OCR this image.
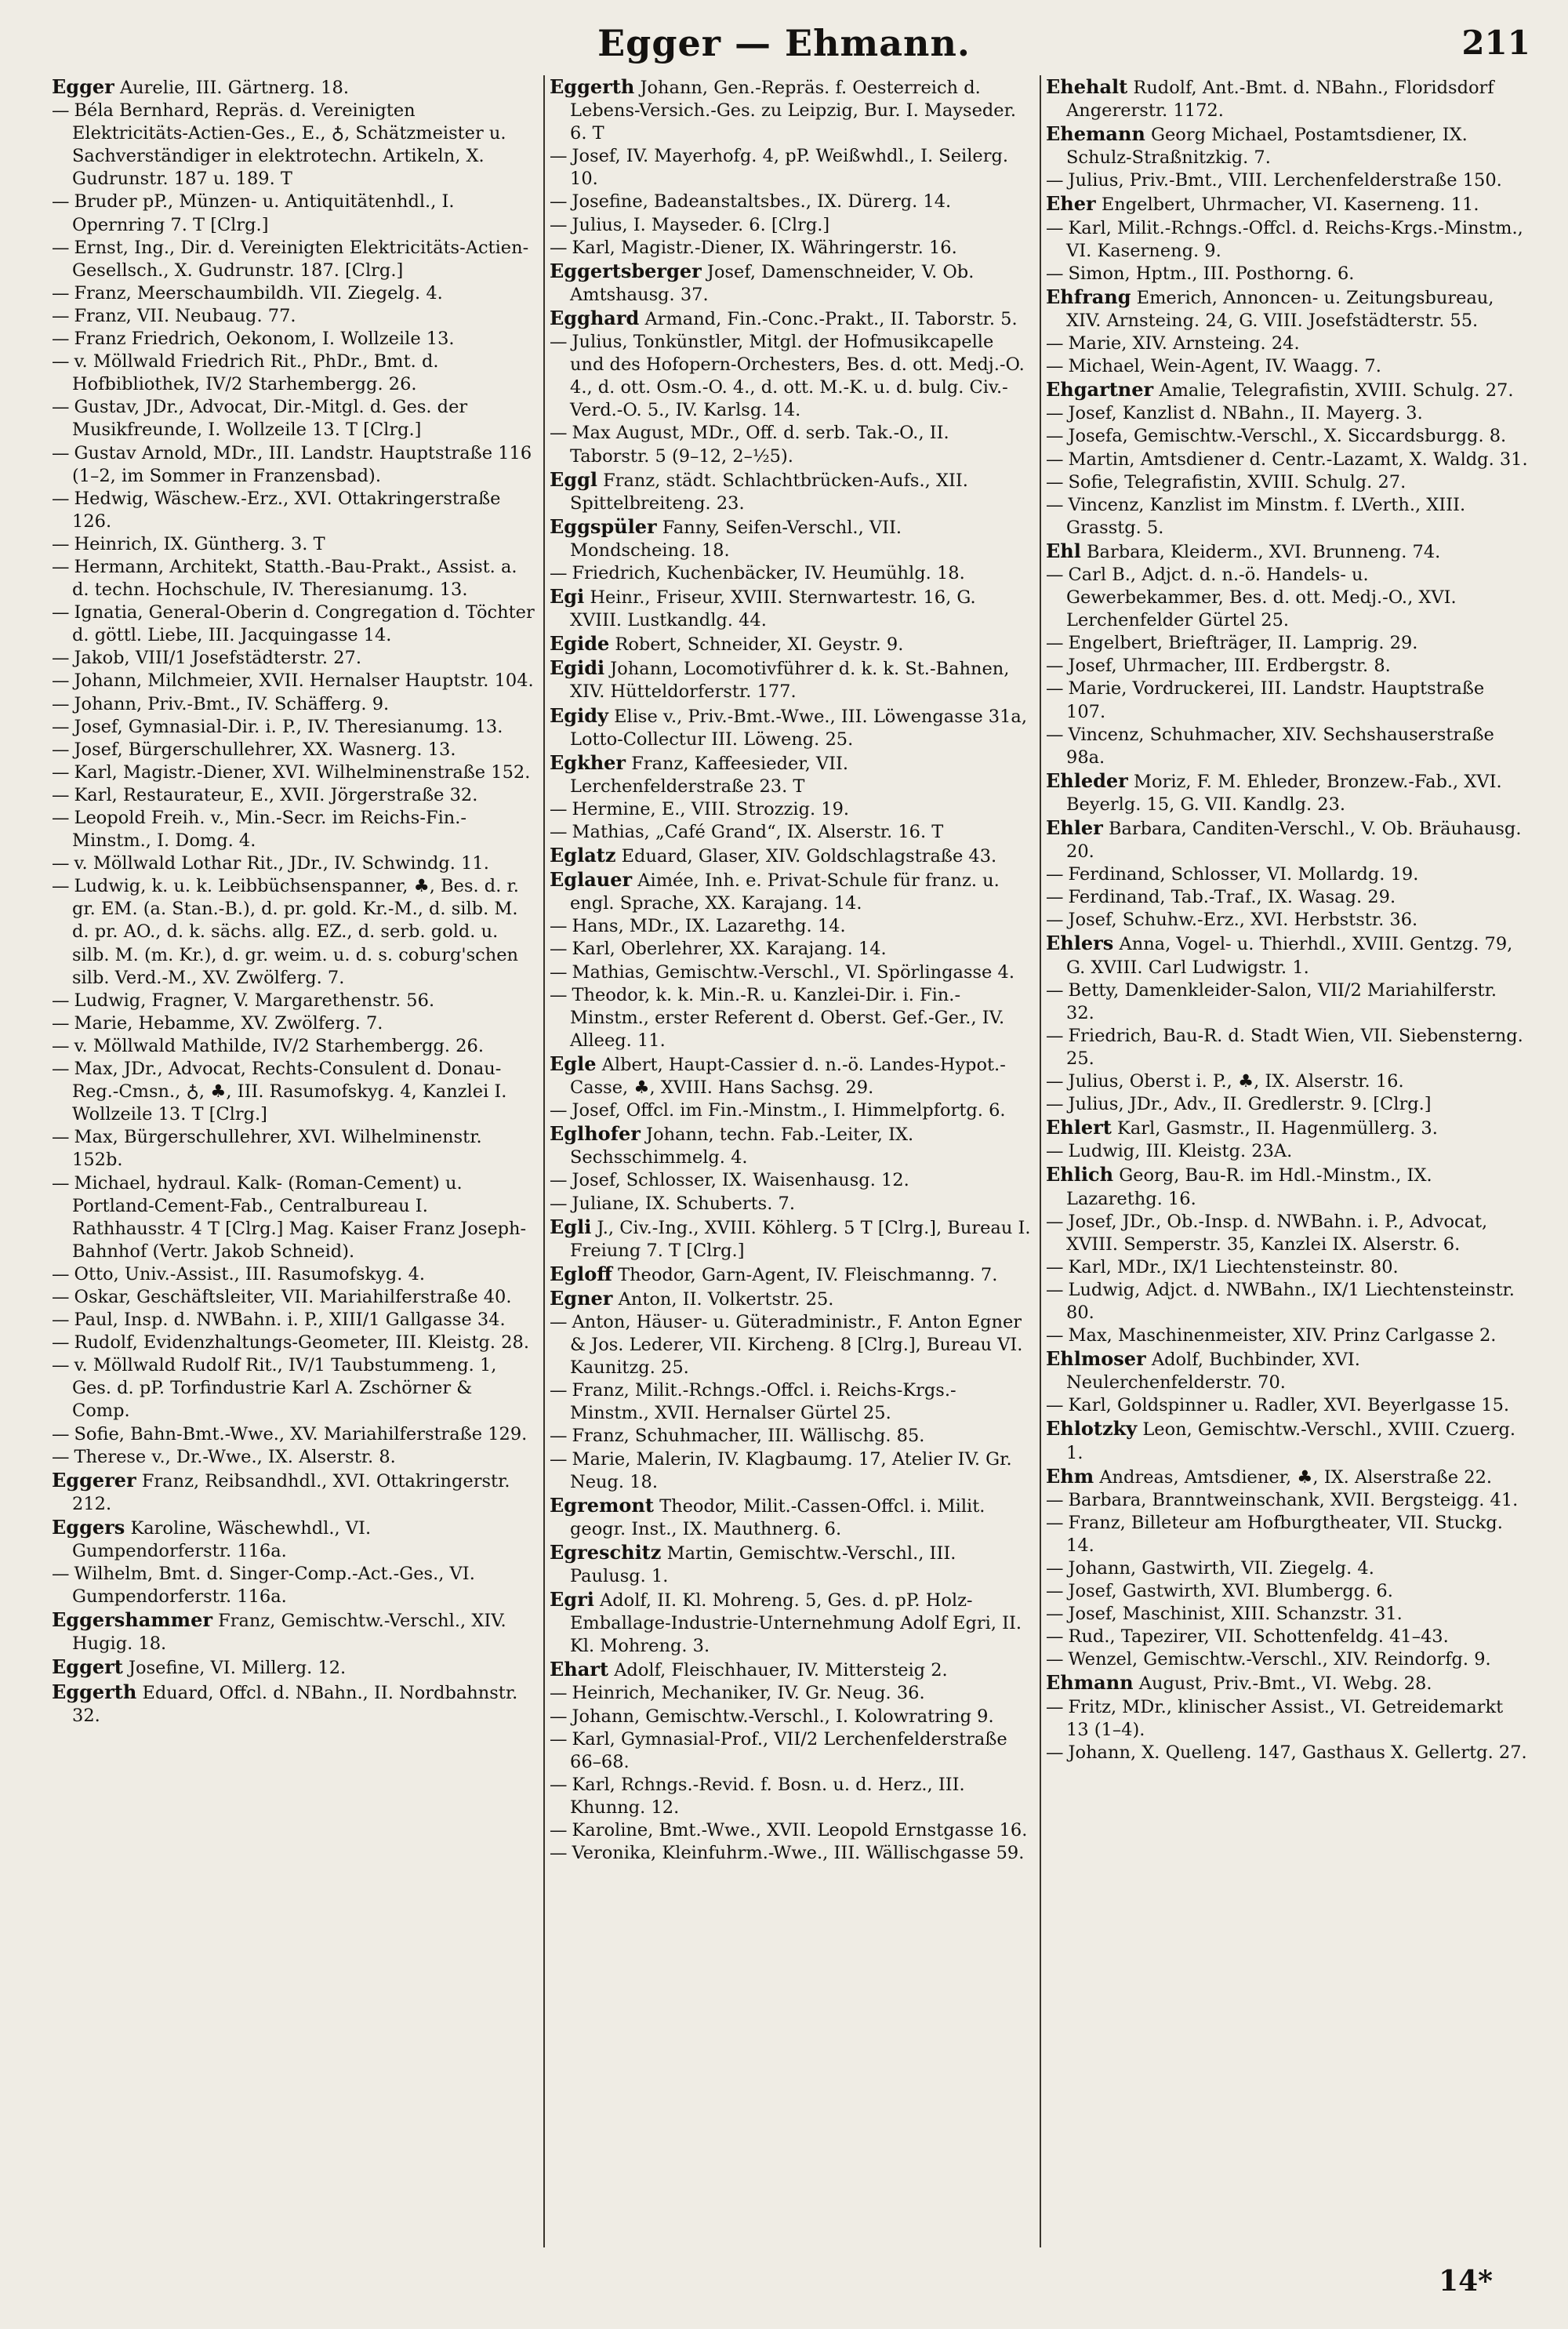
Egger — Ehmann.	211

Egger Aurelie, III. Gärtnerg. 18.

— Béla Bernhard, Repräs. d. Vereinigten Elektricitäts-Actien-Ges., E., ♁, Schätzmeister u. Sachverständiger in elektrotechn. Artikeln, X. Gudrunstr. 187 u. 189. T

— Bruder pP., Münzen- u. Antiquitätenhdl., I. Opernring 7. T [Clrg.]

— Ernst, Ing., Dir. d. Vereinigten Elektricitäts-Actien-Gesellsch., X. Gudrunstr. 187. [Clrg.]

— Franz, Meerschaumbildh. VII. Ziegelg. 4.

— Franz, VII. Neubaug. 77.

— Franz Friedrich, Oekonom, I. Wollzeile 13.

— v. Möllwald Friedrich Rit., PhDr., Bmt. d. Hofbibliothek, IV/2 Starhembergg. 26.

— Gustav, JDr., Advocat, Dir.-Mitgl. d. Ges. der Musikfreunde, I. Wollzeile 13. T [Clrg.]

— Gustav Arnold, MDr., III. Landstr. Hauptstraße 116 (1–2, im Sommer in Franzensbad).

— Hedwig, Wäschew.-Erz., XVI. Ottakringerstraße 126.

— Heinrich, IX. Güntherg. 3. T

— Hermann, Architekt, Statth.-Bau-Prakt., Assist. a. d. techn. Hochschule, IV. Theresianumg. 13.

— Ignatia, General-Oberin d. Congregation d. Töchter d. göttl. Liebe, III. Jacquingasse 14.

— Jakob, VIII/1 Josefstädterstr. 27.

— Johann, Milchmeier, XVII. Hernalser Hauptstr. 104.

— Johann, Priv.-Bmt., IV. Schäfferg. 9.

— Josef, Gymnasial-Dir. i. P., IV. Theresianumg. 13.

— Josef, Bürgerschullehrer, XX. Wasnerg. 13.

— Karl, Magistr.-Diener, XVI. Wilhelminenstraße 152.

— Karl, Restaurateur, E., XVII. Jörgerstraße 32.

— Leopold Freih. v., Min.-Secr. im Reichs-Fin.-Minstm., I. Domg. 4.

— v. Möllwald Lothar Rit., JDr., IV. Schwindg. 11.

— Ludwig, k. u. k. Leibbüchsenspanner, ♣, Bes. d. r. gr. EM. (a. Stan.-B.), d. pr. gold. Kr.-M., d. silb. M. d. pr. AO., d. k. sächs. allg. EZ., d. serb. gold. u. silb. M. (m. Kr.), d. gr. weim. u. d. s. coburg'schen silb. Verd.-M., XV. Zwölferg. 7.

— Ludwig, Fragner, V. Margarethenstr. 56.

— Marie, Hebamme, XV. Zwölferg. 7.

— v. Möllwald Mathilde, IV/2 Starhembergg. 26.

— Max, JDr., Advocat, Rechts-Consulent d. Donau-Reg.-Cmsn., ♁, ♣, III. Rasumofskyg. 4, Kanzlei I. Wollzeile 13. T [Clrg.]

— Max, Bürgerschullehrer, XVI. Wilhelminenstr. 152b.

— Michael, hydraul. Kalk- (Roman-Cement) u. Portland-Cement-Fab., Centralbureau I. Rathhausstr. 4 T [Clrg.] Mag. Kaiser Franz Joseph-Bahnhof (Vertr. Jakob Schneid).

— Otto, Univ.-Assist., III. Rasumofskyg. 4.

— Oskar, Geschäftsleiter, VII. Mariahilferstraße 40.

— Paul, Insp. d. NWBahn. i. P., XIII/1 Gallgasse 34.

— Rudolf, Evidenzhaltungs-Geometer, III. Kleistg. 28.

— v. Möllwald Rudolf Rit., IV/1 Taubstummeng. 1, Ges. d. pP. Torfindustrie Karl A. Zschörner & Comp.

— Sofie, Bahn-Bmt.-Wwe., XV. Mariahilferstraße 129.

— Therese v., Dr.-Wwe., IX. Alserstr. 8.

Eggerer Franz, Reibsandhdl., XVI. Ottakringerstr. 212.

Eggers Karoline, Wäschewhdl., VI. Gumpendorferstr. 116a.

— Wilhelm, Bmt. d. Singer-Comp.-Act.-Ges., VI. Gumpendorferstr. 116a.

Eggershammer Franz, Gemischtw.-Verschl., XIV. Hugig. 18.

Eggert Josefine, VI. Millerg. 12.

Eggerth Eduard, Offcl. d. NBahn., II. Nordbahnstr. 32.

Eggerth Johann, Gen.-Repräs. f. Oesterreich d. Lebens-Versich.-Ges. zu Leipzig, Bur. I. Mayseder. 6. T

— Josef, IV. Mayerhofg. 4, pP. Weißwhdl., I. Seilerg. 10.

— Josefine, Badeanstaltsbes., IX. Dürerg. 14.

— Julius, I. Mayseder. 6. [Clrg.]

— Karl, Magistr.-Diener, IX. Währingerstr. 16.

Eggertsberger Josef, Damenschneider, V. Ob. Amtshausg. 37.

Egghard Armand, Fin.-Conc.-Prakt., II. Taborstr. 5.

— Julius, Tonkünstler, Mitgl. der Hofmusikcapelle und des Hofopern-Orchesters, Bes. d. ott. Medj.-O. 4., d. ott. Osm.-O. 4., d. ott. M.-K. u. d. bulg. Civ.-Verd.-O. 5., IV. Karlsg. 14.

— Max August, MDr., Off. d. serb. Tak.-O., II. Taborstr. 5 (9–12, 2–½5).

Eggl Franz, städt. Schlachtbrücken-Aufs., XII. Spittelbreiteng. 23.

Eggspüler Fanny, Seifen-Verschl., VII. Mondscheing. 18.

— Friedrich, Kuchenbäcker, IV. Heumühlg. 18.

Egi Heinr., Friseur, XVIII. Sternwartestr. 16, G. XVIII. Lustkandlg. 44.

Egide Robert, Schneider, XI. Geystr. 9.

Egidi Johann, Locomotivführer d. k. k. St.-Bahnen, XIV. Hütteldorferstr. 177.

Egidy Elise v., Priv.-Bmt.-Wwe., III. Löwengasse 31a, Lotto-Collectur III. Löweng. 25.

Egkher Franz, Kaffeesieder, VII. Lerchenfelderstraße 23. T

— Hermine, E., VIII. Strozzig. 19.

— Mathias, „Café Grand“, IX. Alserstr. 16. T

Eglatz Eduard, Glaser, XIV. Goldschlagstraße 43.

Eglauer Aimée, Inh. e. Privat-Schule für franz. u. engl. Sprache, XX. Karajang. 14.

— Hans, MDr., IX. Lazarethg. 14.

— Karl, Oberlehrer, XX. Karajang. 14.

— Mathias, Gemischtw.-Verschl., VI. Spörlingasse 4.

— Theodor, k. k. Min.-R. u. Kanzlei-Dir. i. Fin.-Minstm., erster Referent d. Oberst. Gef.-Ger., IV. Alleeg. 11.

Egle Albert, Haupt-Cassier d. n.-ö. Landes-Hypot.-Casse, ♣, XVIII. Hans Sachsg. 29.

— Josef, Offcl. im Fin.-Minstm., I. Himmelpfortg. 6.

Eglhofer Johann, techn. Fab.-Leiter, IX. Sechsschimmelg. 4.

— Josef, Schlosser, IX. Waisenhausg. 12.

— Juliane, IX. Schuberts. 7.

Egli J., Civ.-Ing., XVIII. Köhlerg. 5 T [Clrg.], Bureau I. Freiung 7. T [Clrg.]

Egloff Theodor, Garn-Agent, IV. Fleischmanng. 7.

Egner Anton, II. Volkertstr. 25.

— Anton, Häuser- u. Güteradministr., F. Anton Egner & Jos. Lederer, VII. Kircheng. 8 [Clrg.], Bureau VI. Kaunitzg. 25.

— Franz, Milit.-Rchngs.-Offcl. i. Reichs-Krgs.-Minstm., XVII. Hernalser Gürtel 25.

— Franz, Schuhmacher, III. Wällischg. 85.

— Marie, Malerin, IV. Klagbaumg. 17, Atelier IV. Gr. Neug. 18.

Egremont Theodor, Milit.-Cassen-Offcl. i. Milit. geogr. Inst., IX. Mauthnerg. 6.

Egreschitz Martin, Gemischtw.-Verschl., III. Paulusg. 1.

Egri Adolf, II. Kl. Mohreng. 5, Ges. d. pP. Holz-Emballage-Industrie-Unternehmung Adolf Egri, II. Kl. Mohreng. 3.

Ehart Adolf, Fleischhauer, IV. Mittersteig 2.

— Heinrich, Mechaniker, IV. Gr. Neug. 36.

— Johann, Gemischtw.-Verschl., I. Kolowratring 9.

— Karl, Gymnasial-Prof., VII/2 Lerchenfelderstraße 66–68.

— Karl, Rchngs.-Revid. f. Bosn. u. d. Herz., III. Khunng. 12.

— Karoline, Bmt.-Wwe., XVII. Leopold Ernstgasse 16.

— Veronika, Kleinfuhrm.-Wwe., III. Wällischgasse 59.

Ehehalt Rudolf, Ant.-Bmt. d. NBahn., Floridsdorf Angererstr. 1172.

Ehemann Georg Michael, Postamtsdiener, IX. Schulz-Straßnitzkig. 7.

— Julius, Priv.-Bmt., VIII. Lerchenfelderstraße 150.

Eher Engelbert, Uhrmacher, VI. Kaserneng. 11.

— Karl, Milit.-Rchngs.-Offcl. d. Reichs-Krgs.-Minstm., VI. Kaserneng. 9.

— Simon, Hptm., III. Posthorng. 6.

Ehfrang Emerich, Annoncen- u. Zeitungsbureau, XIV. Arnsteing. 24, G. VIII. Josefstädterstr. 55.

— Marie, XIV. Arnsteing. 24.

— Michael, Wein-Agent, IV. Waagg. 7.

Ehgartner Amalie, Telegrafistin, XVIII. Schulg. 27.

— Josef, Kanzlist d. NBahn., II. Mayerg. 3.

— Josefa, Gemischtw.-Verschl., X. Siccardsburgg. 8.

— Martin, Amtsdiener d. Centr.-Lazamt, X. Waldg. 31.

— Sofie, Telegrafistin, XVIII. Schulg. 27.

— Vincenz, Kanzlist im Minstm. f. LVerth., XIII. Grasstg. 5.

Ehl Barbara, Kleiderm., XVI. Brunneng. 74.

— Carl B., Adjct. d. n.-ö. Handels- u. Gewerbekammer, Bes. d. ott. Medj.-O., XVI. Lerchenfelder Gürtel 25.

— Engelbert, Briefträger, II. Lamprig. 29.

— Josef, Uhrmacher, III. Erdbergstr. 8.

— Marie, Vordruckerei, III. Landstr. Hauptstraße 107.

— Vincenz, Schuhmacher, XIV. Sechshauserstraße 98a.

Ehleder Moriz, F. M. Ehleder, Bronzew.-Fab., XVI. Beyerlg. 15, G. VII. Kandlg. 23.

Ehler Barbara, Canditen-Verschl., V. Ob. Bräuhausg. 20.

— Ferdinand, Schlosser, VI. Mollardg. 19.

— Ferdinand, Tab.-Traf., IX. Wasag. 29.

— Josef, Schuhw.-Erz., XVI. Herbststr. 36.

Ehlers Anna, Vogel- u. Thierhdl., XVIII. Gentzg. 79, G. XVIII. Carl Ludwigstr. 1.

— Betty, Damenkleider-Salon, VII/2 Mariahilferstr. 32.

— Friedrich, Bau-R. d. Stadt Wien, VII. Siebensterng. 25.

— Julius, Oberst i. P., ♣, IX. Alserstr. 16.

— Julius, JDr., Adv., II. Gredlerstr. 9. [Clrg.]

Ehlert Karl, Gasmstr., II. Hagenmüllerg. 3.

— Ludwig, III. Kleistg. 23A.

Ehlich Georg, Bau-R. im Hdl.-Minstm., IX. Lazarethg. 16.

— Josef, JDr., Ob.-Insp. d. NWBahn. i. P., Advocat, XVIII. Semperstr. 35, Kanzlei IX. Alserstr. 6.

— Karl, MDr., IX/1 Liechtensteinstr. 80.

— Ludwig, Adjct. d. NWBahn., IX/1 Liechtensteinstr. 80.

— Max, Maschinenmeister, XIV. Prinz Carlgasse 2.

Ehlmoser Adolf, Buchbinder, XVI. Neulerchenfelderstr. 70.

— Karl, Goldspinner u. Radler, XVI. Beyerlgasse 15.

Ehlotzky Leon, Gemischtw.-Verschl., XVIII. Czuerg. 1.

Ehm Andreas, Amtsdiener, ♣, IX. Alserstraße 22.

— Barbara, Branntweinschank, XVII. Bergsteigg. 41.

— Franz, Billeteur am Hofburgtheater, VII. Stuckg. 14.

— Johann, Gastwirth, VII. Ziegelg. 4.

— Josef, Gastwirth, XVI. Blumbergg. 6.

— Josef, Maschinist, XIII. Schanzstr. 31.

— Rud., Tapezirer, VII. Schottenfeldg. 41–43.

— Wenzel, Gemischtw.-Verschl., XIV. Reindorfg. 9.

Ehmann August, Priv.-Bmt., VI. Webg. 28.

— Fritz, MDr., klinischer Assist., VI. Getreidemarkt 13 (1–4).

— Johann, X. Quelleng. 147, Gasthaus X. Gellertg. 27.

14*
